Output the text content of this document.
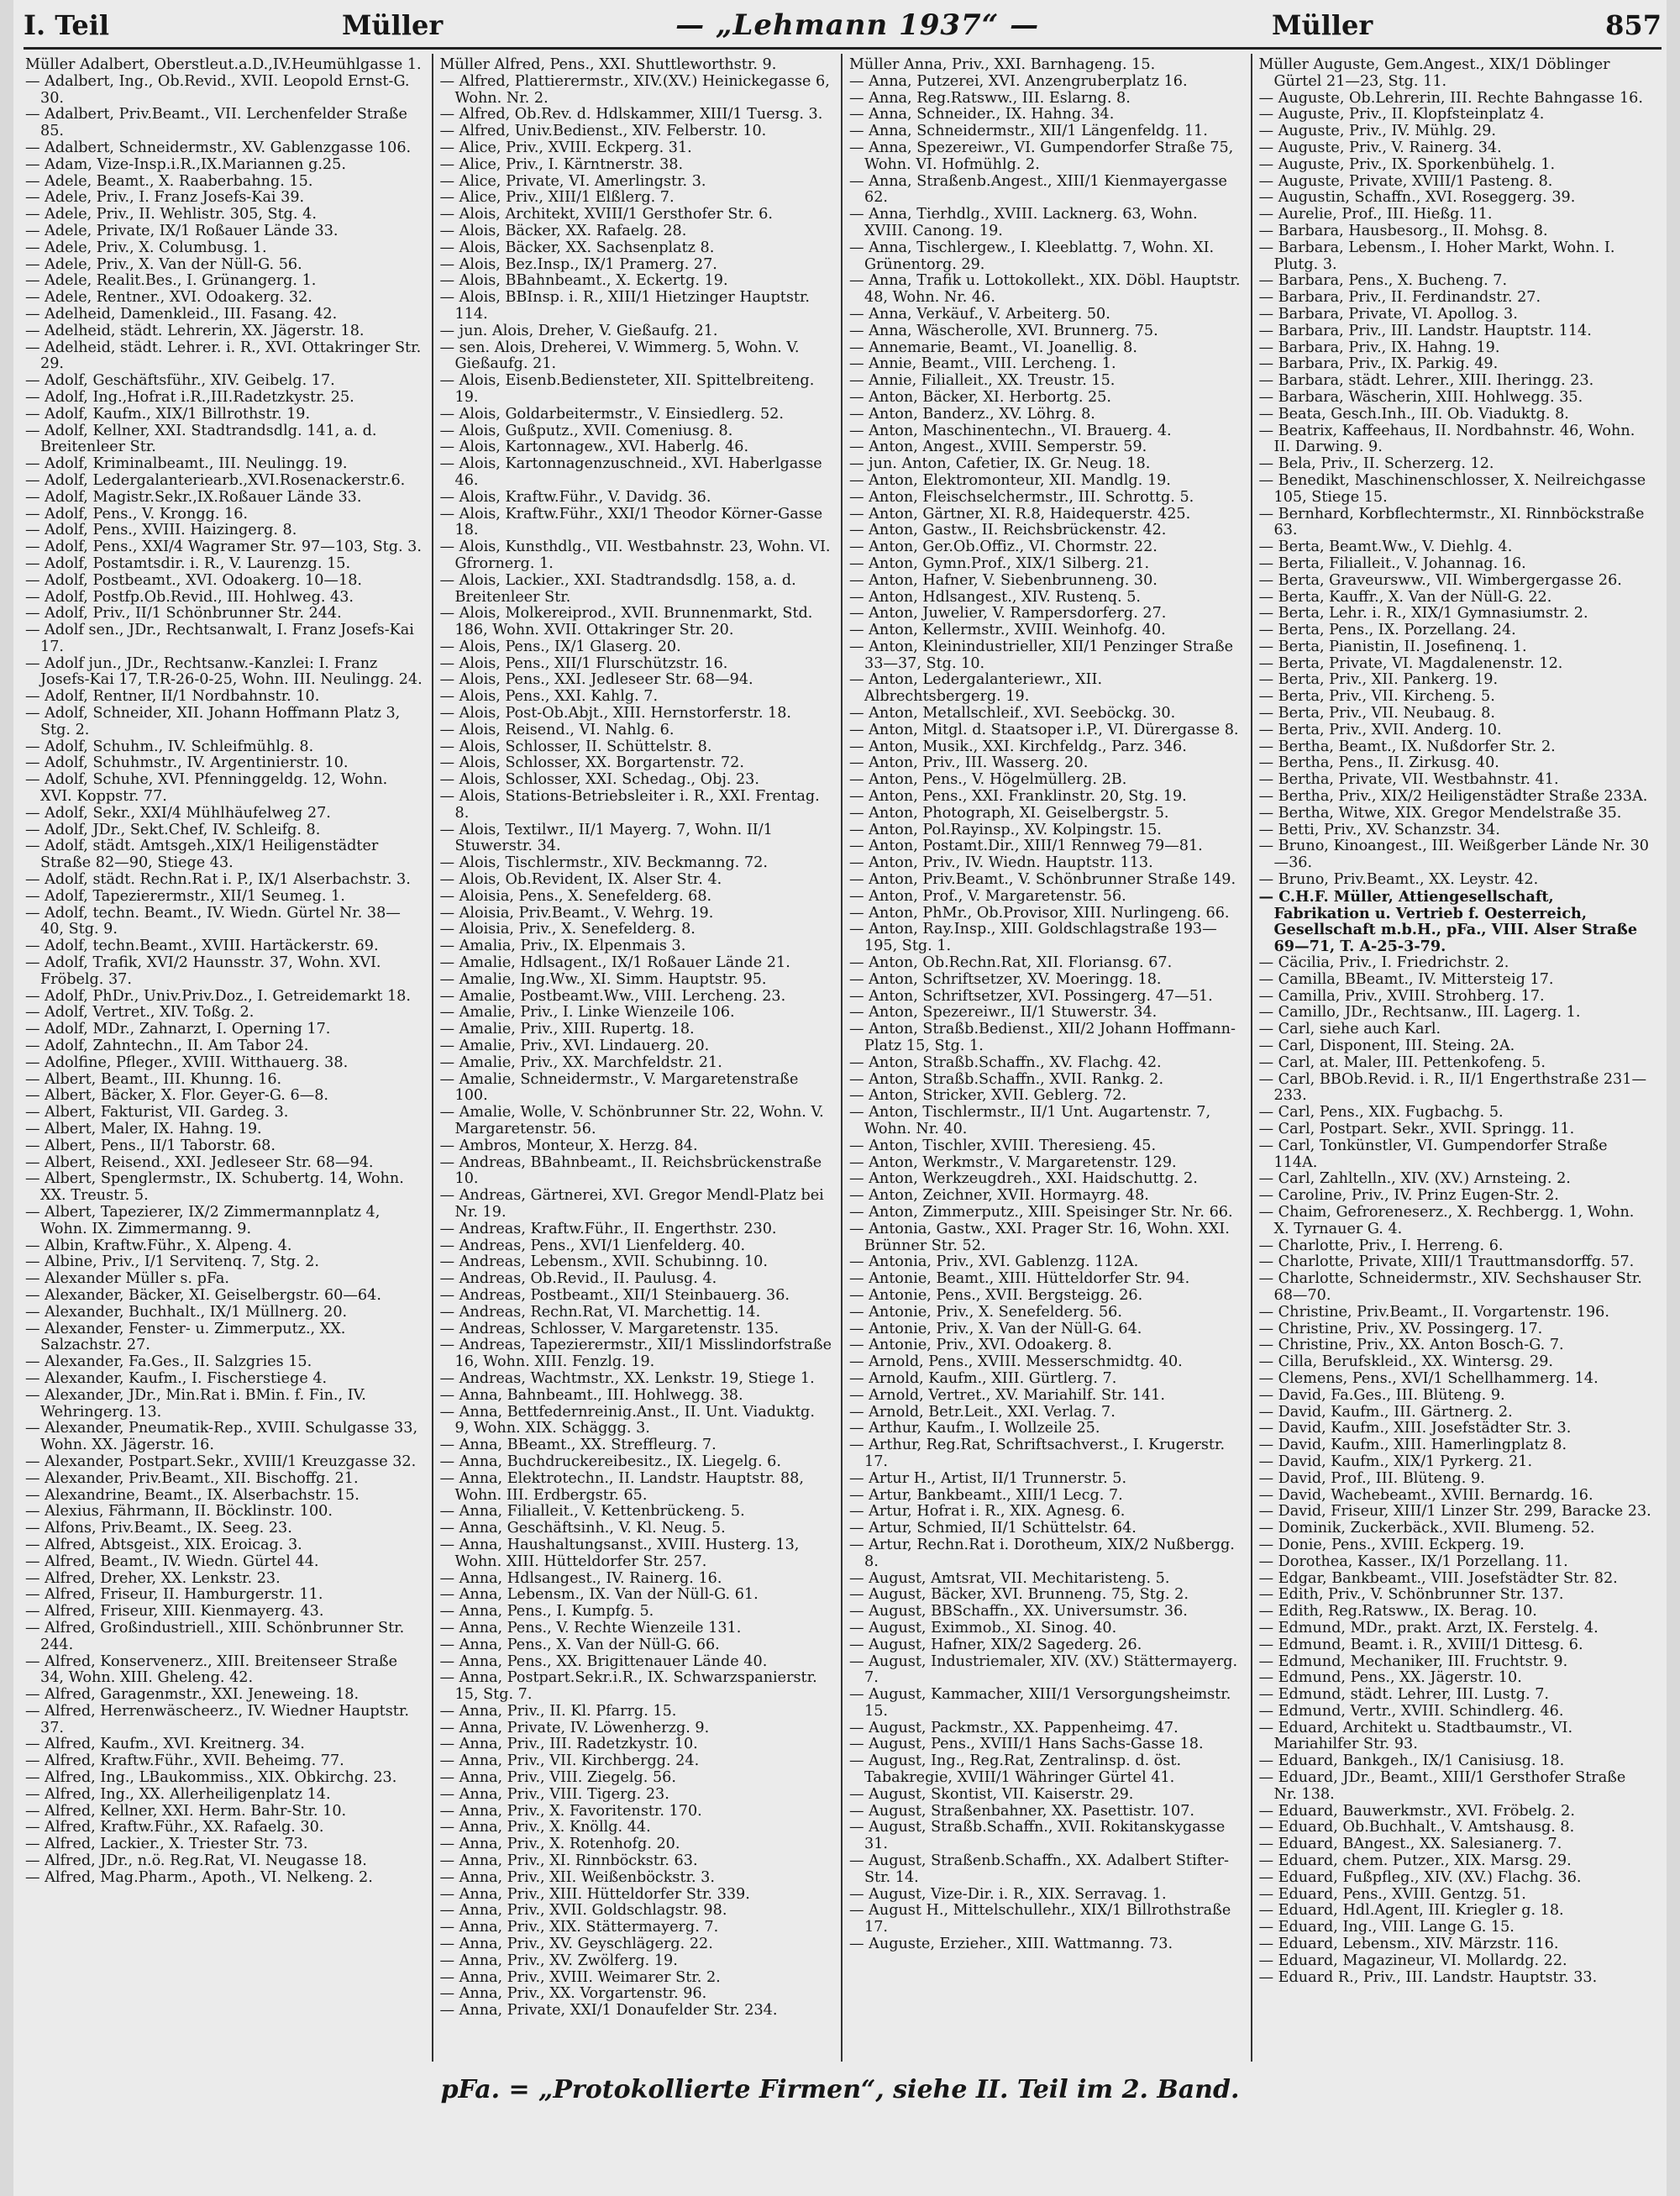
I. Teil	Müller	— „Lehmann 1937“ —	Müller	857
Müller Adalbert, Oberstleut.a.D.,IV.Heumühlgasse 1.
— Adalbert, Ing., Ob.Revid., XVII. Leopold Ernst-G. 30.
— Adalbert, Priv.Beamt., VII. Lerchenfelder Straße 85.
— Adalbert, Schneidermstr., XV. Gablenzgasse 106.
— Adam, Vize-Insp.i.R.,IX.Mariannen g.25.
— Adele, Beamt., X. Raaberbahng. 15.
— Adele, Priv., I. Franz Josefs-Kai 39.
— Adele, Priv., II. Wehlistr. 305, Stg. 4.
— Adele, Private, IX/1 Roßauer Lände 33.
— Adele, Priv., X. Columbusg. 1.
— Adele, Priv., X. Van der Nüll-G. 56.
— Adele, Realit.Bes., I. Grünangerg. 1.
— Adele, Rentner., XVI. Odoakerg. 32.
— Adelheid, Damenkleid., III. Fasang. 42.
— Adelheid, städt. Lehrerin, XX. Jägerstr. 18.
— Adelheid, städt. Lehrer. i. R., XVI. Ottakringer Str. 29.
— Adolf, Geschäftsführ., XIV. Geibelg. 17.
— Adolf, Ing.,Hofrat i.R.,III.Radetzkystr. 25.
— Adolf, Kaufm., XIX/1 Billrothstr. 19.
— Adolf, Kellner, XXI. Stadtrandsdlg. 141, a. d. Breitenleer Str.
— Adolf, Kriminalbeamt., III. Neulingg. 19.
— Adolf, Ledergalanteriearb.,XVI.Rosenackerstr.6.
— Adolf, Magistr.Sekr.,IX.Roßauer Lände 33.
— Adolf, Pens., V. Krongg. 16.
— Adolf, Pens., XVIII. Haizingerg. 8.
— Adolf, Pens., XXI/4 Wagramer Str. 97—103, Stg. 3.
— Adolf, Postamtsdir. i. R., V. Laurenzg. 15.
— Adolf, Postbeamt., XVI. Odoakerg. 10—18.
— Adolf, Postfp.Ob.Revid., III. Hohlweg. 43.
— Adolf, Priv., II/1 Schönbrunner Str. 244.
— Adolf sen., JDr., Rechtsanwalt, I. Franz Josefs-Kai 17.
— Adolf jun., JDr., Rechtsanw.-Kanzlei: I. Franz Josefs-Kai 17, T.R-26-0-25, Wohn. III. Neulingg. 24.
— Adolf, Rentner, II/1 Nordbahnstr. 10.
— Adolf, Schneider, XII. Johann Hoffmann Platz 3, Stg. 2.
— Adolf, Schuhm., IV. Schleifmühlg. 8.
— Adolf, Schuhmstr., IV. Argentinierstr. 10.
— Adolf, Schuhe, XVI. Pfenninggeldg. 12, Wohn. XVI. Koppstr. 77.
— Adolf, Sekr., XXI/4 Mühlhäufelweg 27.
— Adolf, JDr., Sekt.Chef, IV. Schleifg. 8.
— Adolf, städt. Amtsgeh.,XIX/1 Heiligenstädter Straße 82—90, Stiege 43.
— Adolf, städt. Rechn.Rat i. P., IX/1 Alserbachstr. 3.
— Adolf, Tapezierermstr., XII/1 Seumeg. 1.
— Adolf, techn. Beamt., IV. Wiedn. Gürtel Nr. 38—40, Stg. 9.
— Adolf, techn.Beamt., XVIII. Hartäckerstr. 69.
— Adolf, Trafik, XVI/2 Haunsstr. 37, Wohn. XVI. Fröbelg. 37.
— Adolf, PhDr., Univ.Priv.Doz., I. Getreidemarkt 18.
— Adolf, Vertret., XIV. Toßg. 2.
— Adolf, MDr., Zahnarzt, I. Operning 17.
— Adolf, Zahntechn., II. Am Tabor 24.
— Adolfine, Pfleger., XVIII. Witthauerg. 38.
— Albert, Beamt., III. Khunng. 16.
— Albert, Bäcker, X. Flor. Geyer-G. 6—8.
— Albert, Fakturist, VII. Gardeg. 3.
— Albert, Maler, IX. Hahng. 19.
— Albert, Pens., II/1 Taborstr. 68.
— Albert, Reisend., XXI. Jedleseer Str. 68—94.
— Albert, Spenglermstr., IX. Schubertg. 14, Wohn. XX. Treustr. 5.
— Albert, Tapezierer, IX/2 Zimmermannplatz 4, Wohn. IX. Zimmermanng. 9.
— Albin, Kraftw.Führ., X. Alpeng. 4.
— Albine, Priv., I/1 Servitenq. 7, Stg. 2.
— Alexander Müller s. pFa.
— Alexander, Bäcker, XI. Geiselbergstr. 60—64.
— Alexander, Buchhalt., IX/1 Müllnerg. 20.
— Alexander, Fenster- u. Zimmerputz., XX. Salzachstr. 27.
— Alexander, Fa.Ges., II. Salzgries 15.
— Alexander, Kaufm., I. Fischerstiege 4.
— Alexander, JDr., Min.Rat i. BMin. f. Fin., IV. Wehringerg. 13.
— Alexander, Pneumatik-Rep., XVIII. Schulgasse 33, Wohn. XX. Jägerstr. 16.
— Alexander, Postpart.Sekr., XVIII/1 Kreuzgasse 32.
— Alexander, Priv.Beamt., XII. Bischoffg. 21.
— Alexandrine, Beamt., IX. Alserbachstr. 15.
— Alexius, Fährmann, II. Böcklinstr. 100.
— Alfons, Priv.Beamt., IX. Seeg. 23.
— Alfred, Abtsgeist., XIX. Eroicag. 3.
— Alfred, Beamt., IV. Wiedn. Gürtel 44.
— Alfred, Dreher, XX. Lenkstr. 23.
— Alfred, Friseur, II. Hamburgerstr. 11.
— Alfred, Friseur, XIII. Kienmayerg. 43.
— Alfred, Großindustriell., XIII. Schönbrunner Str. 244.
— Alfred, Konservenerz., XIII. Breitenseer Straße 34, Wohn. XIII. Gheleng. 42.
— Alfred, Garagenmstr., XXI. Jeneweing. 18.
— Alfred, Herrenwäscheerz., IV. Wiedner Hauptstr. 37.
— Alfred, Kaufm., XVI. Kreitnerg. 34.
— Alfred, Kraftw.Führ., XVII. Beheimg. 77.
— Alfred, Ing., LBaukommiss., XIX. Obkirchg. 23.
— Alfred, Ing., XX. Allerheiligenplatz 14.
— Alfred, Kellner, XXI. Herm. Bahr-Str. 10.
— Alfred, Kraftw.Führ., XX. Rafaelg. 30.
— Alfred, Lackier., X. Triester Str. 73.
— Alfred, JDr., n.ö. Reg.Rat, VI. Neugasse 18.
— Alfred, Mag.Pharm., Apoth., VI. Nelkeng. 2.
Müller Alfred, Pens., XXI. Shuttleworthstr. 9.
— Alfred, Plattierermstr., XIV.(XV.) Heinickegasse 6, Wohn. Nr. 2.
— Alfred, Ob.Rev. d. Hdlskammer, XIII/1 Tuersg. 3.
— Alfred, Univ.Bedienst., XIV. Felberstr. 10.
— Alice, Priv., XVIII. Eckperg. 31.
— Alice, Priv., I. Kärntnerstr. 38.
— Alice, Private, VI. Amerlingstr. 3.
— Alice, Priv., XIII/1 Elßlerg. 7.
— Alois, Architekt, XVIII/1 Gersthofer Str. 6.
— Alois, Bäcker, XX. Rafaelg. 28.
— Alois, Bäcker, XX. Sachsenplatz 8.
— Alois, Bez.Insp., IX/1 Pramerg. 27.
— Alois, BBahnbeamt., X. Eckertg. 19.
— Alois, BBInsp. i. R., XIII/1 Hietzinger Hauptstr. 114.
— jun. Alois, Dreher, V. Gießaufg. 21.
— sen. Alois, Dreherei, V. Wimmerg. 5, Wohn. V. Gießaufg. 21.
— Alois, Eisenb.Bediensteter, XII. Spittelbreiteng. 19.
— Alois, Goldarbeitermstr., V. Einsiedlerg. 52.
— Alois, Gußputz., XVII. Comeniusg. 8.
— Alois, Kartonnagew., XVI. Haberlg. 46.
— Alois, Kartonnagenzuschneid., XVI. Haberlgasse 46.
— Alois, Kraftw.Führ., V. Davidg. 36.
— Alois, Kraftw.Führ., XXI/1 Theodor Körner-Gasse 18.
— Alois, Kunsthdlg., VII. Westbahnstr. 23, Wohn. VI. Gfrornerg. 1.
— Alois, Lackier., XXI. Stadtrandsdlg. 158, a. d. Breitenleer Str.
— Alois, Molkereiprod., XVII. Brunnenmarkt, Std. 186, Wohn. XVII. Ottakringer Str. 20.
— Alois, Pens., IX/1 Glaserg. 20.
— Alois, Pens., XII/1 Flurschützstr. 16.
— Alois, Pens., XXI. Jedleseer Str. 68—94.
— Alois, Pens., XXI. Kahlg. 7.
— Alois, Post-Ob.Abjt., XIII. Hernstorferstr. 18.
— Alois, Reisend., VI. Nahlg. 6.
— Alois, Schlosser, II. Schüttelstr. 8.
— Alois, Schlosser, XX. Borgartenstr. 72.
— Alois, Schlosser, XXI. Schedag., Obj. 23.
— Alois, Stations-Betriebsleiter i. R., XXI. Frentag. 8.
— Alois, Textilwr., II/1 Mayerg. 7, Wohn. II/1 Stuwerstr. 34.
— Alois, Tischlermstr., XIV. Beckmanng. 72.
— Alois, Ob.Revident, IX. Alser Str. 4.
— Aloisia, Pens., X. Senefelderg. 68.
— Aloisia, Priv.Beamt., V. Wehrg. 19.
— Aloisia, Priv., X. Senefelderg. 8.
— Amalia, Priv., IX. Elpenmais 3.
— Amalie, Hdlsagent., IX/1 Roßauer Lände 21.
— Amalie, Ing.Ww., XI. Simm. Hauptstr. 95.
— Amalie, Postbeamt.Ww., VIII. Lercheng. 23.
— Amalie, Priv., I. Linke Wienzeile 106.
— Amalie, Priv., XIII. Rupertg. 18.
— Amalie, Priv., XVI. Lindauerg. 20.
— Amalie, Priv., XX. Marchfeldstr. 21.
— Amalie, Schneidermstr., V. Margaretenstraße 100.
— Amalie, Wolle, V. Schönbrunner Str. 22, Wohn. V. Margaretenstr. 56.
— Ambros, Monteur, X. Herzg. 84.
— Andreas, BBahnbeamt., II. Reichsbrückenstraße 10.
— Andreas, Gärtnerei, XVI. Gregor Mendl-Platz bei Nr. 19.
— Andreas, Kraftw.Führ., II. Engerthstr. 230.
— Andreas, Pens., XVI/1 Lienfelderg. 40.
— Andreas, Lebensm., XVII. Schubinng. 10.
— Andreas, Ob.Revid., II. Paulusg. 4.
— Andreas, Postbeamt., XII/1 Steinbauerg. 36.
— Andreas, Rechn.Rat, VI. Marchettig. 14.
— Andreas, Schlosser, V. Margaretenstr. 135.
— Andreas, Tapezierermstr., XII/1 Misslindorfstraße 16, Wohn. XIII. Fenzlg. 19.
— Andreas, Wachtmstr., XX. Lenkstr. 19, Stiege 1.
— Anna, Bahnbeamt., III. Hohlwegg. 38.
— Anna, Bettfedernreinig.Anst., II. Unt. Viaduktg. 9, Wohn. XIX. Schäggg. 3.
— Anna, BBeamt., XX. Streffleurg. 7.
— Anna, Buchdruckereibesitz., IX. Liegelg. 6.
— Anna, Elektrotechn., II. Landstr. Hauptstr. 88, Wohn. III. Erdbergstr. 65.
— Anna, Filialleit., V. Kettenbrückeng. 5.
— Anna, Geschäftsinh., V. Kl. Neug. 5.
— Anna, Haushaltungsanst., XVIII. Husterg. 13, Wohn. XIII. Hütteldorfer Str. 257.
— Anna, Hdlsangest., IV. Rainerg. 16.
— Anna, Lebensm., IX. Van der Nüll-G. 61.
— Anna, Pens., I. Kumpfg. 5.
— Anna, Pens., V. Rechte Wienzeile 131.
— Anna, Pens., X. Van der Nüll-G. 66.
— Anna, Pens., XX. Brigittenauer Lände 40.
— Anna, Postpart.Sekr.i.R., IX. Schwarzspanierstr. 15, Stg. 7.
— Anna, Priv., II. Kl. Pfarrg. 15.
— Anna, Private, IV. Löwenherzg. 9.
— Anna, Priv., III. Radetzkystr. 10.
— Anna, Priv., VII. Kirchbergg. 24.
— Anna, Priv., VIII. Ziegelg. 56.
— Anna, Priv., VIII. Tigerg. 23.
— Anna, Priv., X. Favoritenstr. 170.
— Anna, Priv., X. Knöllg. 44.
— Anna, Priv., X. Rotenhofg. 20.
— Anna, Priv., XI. Rinnböckstr. 63.
— Anna, Priv., XII. Weißenböckstr. 3.
— Anna, Priv., XIII. Hütteldorfer Str. 339.
— Anna, Priv., XVII. Goldschlagstr. 98.
— Anna, Priv., XIX. Stättermayerg. 7.
— Anna, Priv., XV. Geyschlägerg. 22.
— Anna, Priv., XV. Zwölferg. 19.
— Anna, Priv., XVIII. Weimarer Str. 2.
— Anna, Priv., XX. Vorgartenstr. 96.
— Anna, Private, XXI/1 Donaufelder Str. 234.
Müller Anna, Priv., XXI. Barnhageng. 15.
— Anna, Putzerei, XVI. Anzengruberplatz 16.
— Anna, Reg.Ratsww., III. Eslarng. 8.
— Anna, Schneider., IX. Hahng. 34.
— Anna, Schneidermstr., XII/1 Längenfeldg. 11.
— Anna, Spezereiwr., VI. Gumpendorfer Straße 75, Wohn. VI. Hofmühlg. 2.
— Anna, Straßenb.Angest., XIII/1 Kienmayergasse 62.
— Anna, Tierhdlg., XVIII. Lacknerg. 63, Wohn. XVIII. Canong. 19.
— Anna, Tischlergew., I. Kleeblattg. 7, Wohn. XI. Grünentorg. 29.
— Anna, Trafik u. Lottokollekt., XIX. Döbl. Hauptstr. 48, Wohn. Nr. 46.
— Anna, Verkäuf., V. Arbeiterg. 50.
— Anna, Wäscherolle, XVI. Brunnerg. 75.
— Annemarie, Beamt., VI. Joanellig. 8.
— Annie, Beamt., VIII. Lercheng. 1.
— Annie, Filialleit., XX. Treustr. 15.
— Anton, Bäcker, XI. Herbortg. 25.
— Anton, Banderz., XV. Löhrg. 8.
— Anton, Maschinentechn., VI. Brauerg. 4.
— Anton, Angest., XVIII. Semperstr. 59.
— jun. Anton, Cafetier, IX. Gr. Neug. 18.
— Anton, Elektromonteur, XII. Mandlg. 19.
— Anton, Fleischselchermstr., III. Schrottg. 5.
— Anton, Gärtner, XI. R.8, Haidequerstr. 425.
— Anton, Gastw., II. Reichsbrückenstr. 42.
— Anton, Ger.Ob.Offiz., VI. Chormstr. 22.
— Anton, Gymn.Prof., XIX/1 Silberg. 21.
— Anton, Hafner, V. Siebenbrunneng. 30.
— Anton, Hdlsangest., XIV. Rustenq. 5.
— Anton, Juwelier, V. Rampersdorferg. 27.
— Anton, Kellermstr., XVIII. Weinhofg. 40.
— Anton, Kleinindustrieller, XII/1 Penzinger Straße 33—37, Stg. 10.
— Anton, Ledergalanteriewr., XII. Albrechtsbergerg. 19.
— Anton, Metallschleif., XVI. Seeböckg. 30.
— Anton, Mitgl. d. Staatsoper i.P., VI. Dürergasse 8.
— Anton, Musik., XXI. Kirchfeldg., Parz. 346.
— Anton, Priv., III. Wasserg. 20.
— Anton, Pens., V. Högelmüllerg. 2B.
— Anton, Pens., XXI. Franklinstr. 20, Stg. 19.
— Anton, Photograph, XI. Geiselbergstr. 5.
— Anton, Pol.Rayinsp., XV. Kolpingstr. 15.
— Anton, Postamt.Dir., XIII/1 Rennweg 79—81.
— Anton, Priv., IV. Wiedn. Hauptstr. 113.
— Anton, Priv.Beamt., V. Schönbrunner Straße 149.
— Anton, Prof., V. Margaretenstr. 56.
— Anton, PhMr., Ob.Provisor, XIII. Nurlingeng. 66.
— Anton, Ray.Insp., XIII. Goldschlagstraße 193—195, Stg. 1.
— Anton, Ob.Rechn.Rat, XII. Floriansg. 67.
— Anton, Schriftsetzer, XV. Moeringg. 18.
— Anton, Schriftsetzer, XVI. Possingerg. 47—51.
— Anton, Spezereiwr., II/1 Stuwerstr. 34.
— Anton, Straßb.Bedienst., XII/2 Johann Hoffmann-Platz 15, Stg. 1.
— Anton, Straßb.Schaffn., XV. Flachg. 42.
— Anton, Straßb.Schaffn., XVII. Rankg. 2.
— Anton, Stricker, XVII. Geblerg. 72.
— Anton, Tischlermstr., II/1 Unt. Augartenstr. 7, Wohn. Nr. 40.
— Anton, Tischler, XVIII. Theresieng. 45.
— Anton, Werkmstr., V. Margaretenstr. 129.
— Anton, Werkzeugdreh., XXI. Haidschuttg. 2.
— Anton, Zeichner, XVII. Hormayrg. 48.
— Anton, Zimmerputz., XIII. Speisinger Str. Nr. 66.
— Antonia, Gastw., XXI. Prager Str. 16, Wohn. XXI. Brünner Str. 52.
— Antonia, Priv., XVI. Gablenzg. 112A.
— Antonie, Beamt., XIII. Hütteldorfer Str. 94.
— Antonie, Pens., XVII. Bergsteigg. 26.
— Antonie, Priv., X. Senefelderg. 56.
— Antonie, Priv., X. Van der Nüll-G. 64.
— Antonie, Priv., XVI. Odoakerg. 8.
— Arnold, Pens., XVIII. Messerschmidtg. 40.
— Arnold, Kaufm., XIII. Gürtlerg. 7.
— Arnold, Vertret., XV. Mariahilf. Str. 141.
— Arnold, Betr.Leit., XXI. Verlag. 7.
— Arthur, Kaufm., I. Wollzeile 25.
— Arthur, Reg.Rat, Schriftsachverst., I. Krugerstr. 17.
— Artur H., Artist, II/1 Trunnerstr. 5.
— Artur, Bankbeamt., XIII/1 Lecg. 7.
— Artur, Hofrat i. R., XIX. Agnesg. 6.
— Artur, Schmied, II/1 Schüttelstr. 64.
— Artur, Rechn.Rat i. Dorotheum, XIX/2 Nußbergg. 8.
— August, Amtsrat, VII. Mechitaristeng. 5.
— August, Bäcker, XVI. Brunneng. 75, Stg. 2.
— August, BBSchaffn., XX. Universumstr. 36.
— August, Eximmob., XI. Sinog. 40.
— August, Hafner, XIX/2 Sagederg. 26.
— August, Industriemaler, XIV. (XV.) Stättermayerg. 7.
— August, Kammacher, XIII/1 Versorgungsheimstr. 15.
— August, Packmstr., XX. Pappenheimg. 47.
— August, Pens., XVIII/1 Hans Sachs-Gasse 18.
— August, Ing., Reg.Rat, Zentralinsp. d. öst. Tabakregie, XVIII/1 Währinger Gürtel 41.
— August, Skontist, VII. Kaiserstr. 29.
— August, Straßenbahner, XX. Pasettistr. 107.
— August, Straßb.Schaffn., XVII. Rokitanskygasse 31.
— August, Straßenb.Schaffn., XX. Adalbert Stifter-Str. 14.
— August, Vize-Dir. i. R., XIX. Serravag. 1.
— August H., Mittelschullehr., XIX/1 Billrothstraße 17.
— Auguste, Erzieher., XIII. Wattmanng. 73.
Müller Auguste, Gem.Angest., XIX/1 Döblinger Gürtel 21—23, Stg. 11.
— Auguste, Ob.Lehrerin, III. Rechte Bahngasse 16.
— Auguste, Priv., II. Klopfsteinplatz 4.
— Auguste, Priv., IV. Mühlg. 29.
— Auguste, Priv., V. Rainerg. 34.
— Auguste, Priv., IX. Sporkenbühelg. 1.
— Auguste, Private, XVIII/1 Pasteng. 8.
— Augustin, Schaffn., XVI. Roseggerg. 39.
— Aurelie, Prof., III. Hießg. 11.
— Barbara, Hausbesorg., II. Mohsg. 8.
— Barbara, Lebensm., I. Hoher Markt, Wohn. I. Plutg. 3.
— Barbara, Pens., X. Bucheng. 7.
— Barbara, Priv., II. Ferdinandstr. 27.
— Barbara, Private, VI. Apollog. 3.
— Barbara, Priv., III. Landstr. Hauptstr. 114.
— Barbara, Priv., IX. Hahng. 19.
— Barbara, Priv., IX. Parkig. 49.
— Barbara, städt. Lehrer., XIII. Iheringg. 23.
— Barbara, Wäscherin, XIII. Hohlwegg. 35.
— Beata, Gesch.Inh., III. Ob. Viaduktg. 8.
— Beatrix, Kaffeehaus, II. Nordbahnstr. 46, Wohn. II. Darwing. 9.
— Bela, Priv., II. Scherzerg. 12.
— Benedikt, Maschinenschlosser, X. Neilreichgasse 105, Stiege 15.
— Bernhard, Korbflechtermstr., XI. Rinnböckstraße 63.
— Berta, Beamt.Ww., V. Diehlg. 4.
— Berta, Filialleit., V. Johannag. 16.
— Berta, Graveursww., VII. Wimbergergasse 26.
— Berta, Kauffr., X. Van der Nüll-G. 22.
— Berta, Lehr. i. R., XIX/1 Gymnasiumstr. 2.
— Berta, Pens., IX. Porzellang. 24.
— Berta, Pianistin, II. Josefinenq. 1.
— Berta, Private, VI. Magdalenenstr. 12.
— Berta, Priv., XII. Pankerg. 19.
— Berta, Priv., VII. Kircheng. 5.
— Berta, Priv., VII. Neubaug. 8.
— Berta, Priv., XVII. Anderg. 10.
— Bertha, Beamt., IX. Nußdorfer Str. 2.
— Bertha, Pens., II. Zirkusg. 40.
— Bertha, Private, VII. Westbahnstr. 41.
— Bertha, Priv., XIX/2 Heiligenstädter Straße 233A.
— Bertha, Witwe, XIX. Gregor Mendelstraße 35.
— Betti, Priv., XV. Schanzstr. 34.
— Bruno, Kinoangest., III. Weißgerber Lände Nr. 30—36.
— Bruno, Priv.Beamt., XX. Leystr. 42.
— C.H.F. Müller, Attiengesellschaft, Fabrikation u. Vertrieb f. Oesterreich, Gesellschaft m.b.H., pFa., VIII. Alser Straße 69—71, T. A-25-3-79.
— Cäcilia, Priv., I. Friedrichstr. 2.
— Camilla, BBeamt., IV. Mittersteig 17.
— Camilla, Priv., XVIII. Strohberg. 17.
— Camillo, JDr., Rechtsanw., III. Lagerg. 1.
— Carl, siehe auch Karl.
— Carl, Disponent, III. Steing. 2A.
— Carl, at. Maler, III. Pettenkofeng. 5.
— Carl, BBOb.Revid. i. R., II/1 Engerthstraße 231—233.
— Carl, Pens., XIX. Fugbachg. 5.
— Carl, Postpart. Sekr., XVII. Springg. 11.
— Carl, Tonkünstler, VI. Gumpendorfer Straße 114A.
— Carl, Zahltelln., XIV. (XV.) Arnsteing. 2.
— Caroline, Priv., IV. Prinz Eugen-Str. 2.
— Chaim, Gefroreneserz., X. Rechbergg. 1, Wohn. X. Tyrnauer G. 4.
— Charlotte, Priv., I. Herreng. 6.
— Charlotte, Private, XIII/1 Trauttmansdorffg. 57.
— Charlotte, Schneidermstr., XIV. Sechshauser Str. 68—70.
— Christine, Priv.Beamt., II. Vorgartenstr. 196.
— Christine, Priv., XV. Possingerg. 17.
— Christine, Priv., XX. Anton Bosch-G. 7.
— Cilla, Berufskleid., XX. Wintersg. 29.
— Clemens, Pens., XVI/1 Schellhammerg. 14.
— David, Fa.Ges., III. Blüteng. 9.
— David, Kaufm., III. Gärtnerg. 2.
— David, Kaufm., XIII. Josefstädter Str. 3.
— David, Kaufm., XIII. Hamerlingplatz 8.
— David, Kaufm., XIX/1 Pyrkerg. 21.
— David, Prof., III. Blüteng. 9.
— David, Wachebeamt., XVIII. Bernardg. 16.
— David, Friseur, XIII/1 Linzer Str. 299, Baracke 23.
— Dominik, Zuckerbäck., XVII. Blumeng. 52.
— Donie, Pens., XVIII. Eckperg. 19.
— Dorothea, Kasser., IX/1 Porzellang. 11.
— Edgar, Bankbeamt., VIII. Josefstädter Str. 82.
— Edith, Priv., V. Schönbrunner Str. 137.
— Edith, Reg.Ratsww., IX. Berag. 10.
— Edmund, MDr., prakt. Arzt, IX. Ferstelg. 4.
— Edmund, Beamt. i. R., XVIII/1 Dittesg. 6.
— Edmund, Mechaniker, III. Fruchtstr. 9.
— Edmund, Pens., XX. Jägerstr. 10.
— Edmund, städt. Lehrer, III. Lustg. 7.
— Edmund, Vertr., XVIII. Schindlerg. 46.
— Eduard, Architekt u. Stadtbaumstr., VI. Mariahilfer Str. 93.
— Eduard, Bankgeh., IX/1 Canisiusg. 18.
— Eduard, JDr., Beamt., XIII/1 Gersthofer Straße Nr. 138.
— Eduard, Bauwerkmstr., XVI. Fröbelg. 2.
— Eduard, Ob.Buchhalt., V. Amtshausg. 8.
— Eduard, BAngest., XX. Salesianerg. 7.
— Eduard, chem. Putzer., XIX. Marsg. 29.
— Eduard, Fußpfleg., XIV. (XV.) Flachg. 36.
— Eduard, Pens., XVIII. Gentzg. 51.
— Eduard, Hdl.Agent, III. Kriegler g. 18.
— Eduard, Ing., VIII. Lange G. 15.
— Eduard, Lebensm., XIV. Märzstr. 116.
— Eduard, Magazineur, VI. Mollardg. 22.
— Eduard R., Priv., III. Landstr. Hauptstr. 33.
pFa. = „Protokollierte Firmen“, siehe II. Teil im 2. Band.
